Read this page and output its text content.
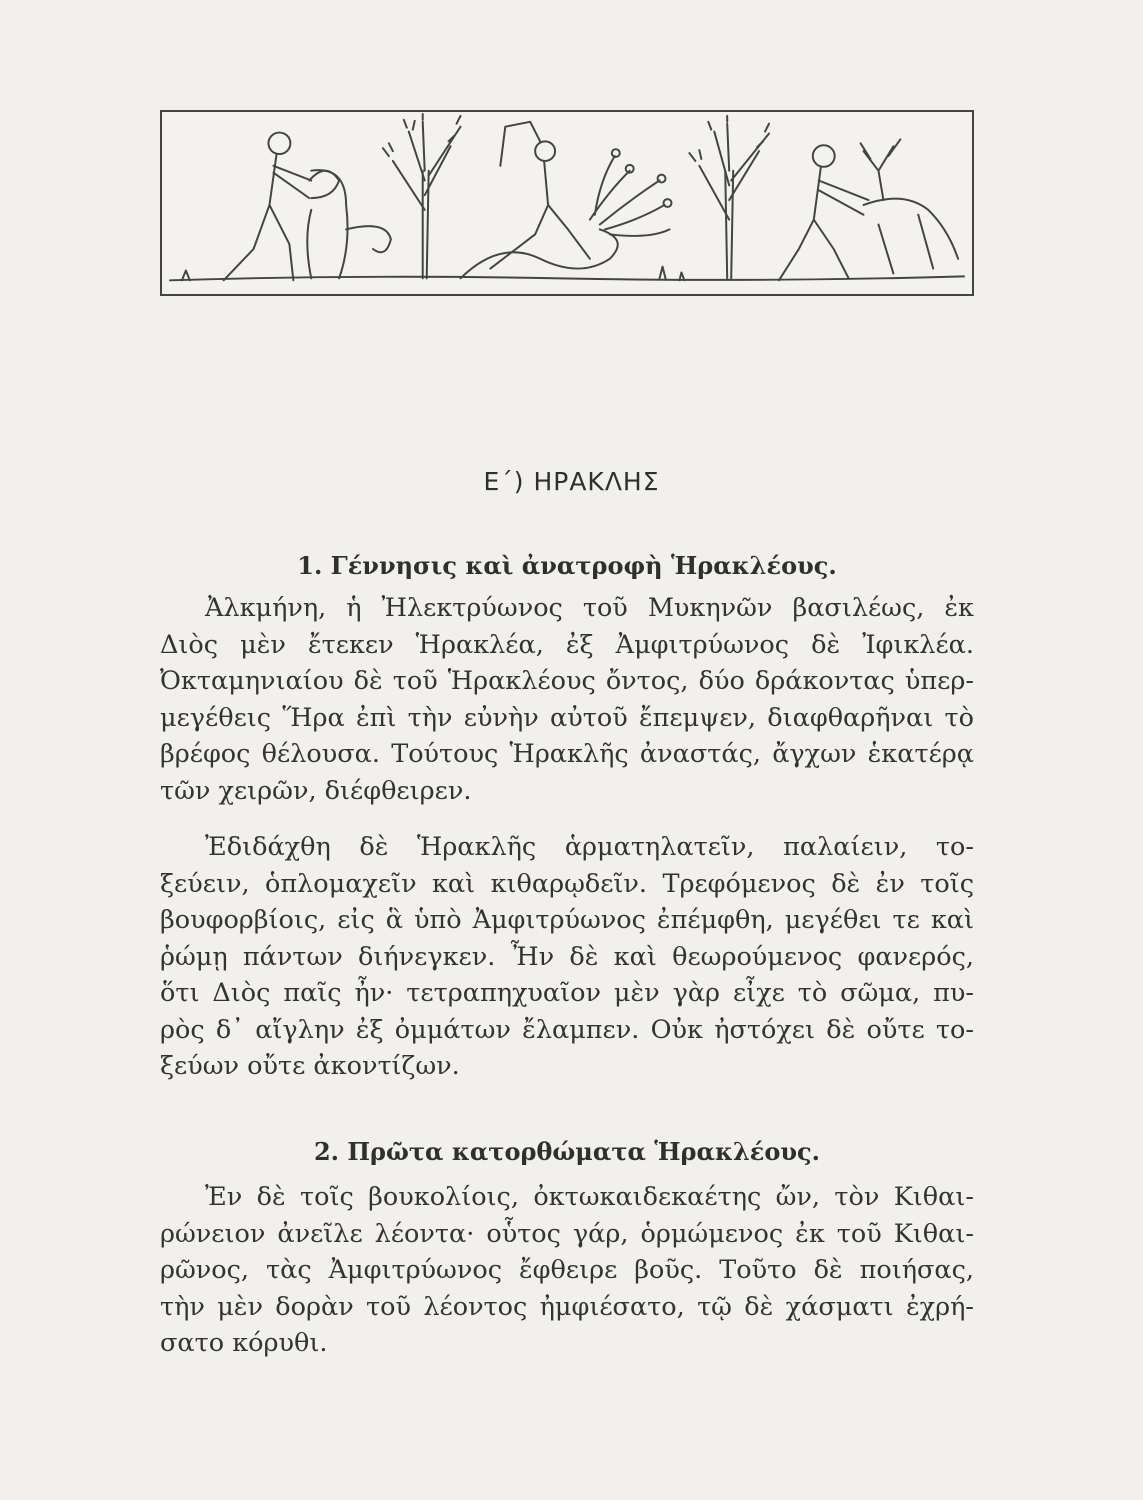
Ε΄) ΗΡΑΚΛΗΣ
1. Γέννησις καὶ ἀνατροφὴ Ἡρακλέους.
Ἀλκμήνη, ἡ Ἠλεκτρύωνος τοῦ Μυκηνῶν βασιλέως, ἐκ
Διὸς μὲν ἔτεκεν Ἡρακλέα, ἐξ Ἀμφιτρύωνος δὲ Ἰφικλέα.
Ὀκταμηνιαίου δὲ τοῦ Ἡρακλέους ὄντος, δύο δράκοντας ὑπερ-
μεγέθεις Ἥρα ἐπὶ τὴν εὐνὴν αὐτοῦ ἔπεμψεν, διαφθαρῆναι τὸ
βρέφος θέλουσα. Τούτους Ἡρακλῆς ἀναστάς, ἄγχων ἑκατέρᾳ
τῶν χειρῶν, διέφθειρεν.
Ἐδιδάχθη δὲ Ἡρακλῆς ἁρματηλατεῖν, παλαίειν, το-
ξεύειν, ὁπλομαχεῖν καὶ κιθαρῳδεῖν. Τρεφόμενος δὲ ἐν τοῖς
βουφορβίοις, εἰς ἃ ὑπὸ Ἀμφιτρύωνος ἐπέμφθη, μεγέθει τε καὶ
ῥώμῃ πάντων διήνεγκεν. Ἦν δὲ καὶ θεωρούμενος φανερός,
ὅτι Διὸς παῖς ἦν· τετραπηχυαῖον μὲν γὰρ εἶχε τὸ σῶμα, πυ-
ρὸς δ᾽ αἴγλην ἐξ ὀμμάτων ἔλαμπεν. Οὐκ ἠστόχει δὲ οὔτε το-
ξεύων οὔτε ἀκοντίζων.
2. Πρῶτα κατορθώματα Ἡρακλέους.
Ἐν δὲ τοῖς βουκολίοις, ὀκτωκαιδεκαέτης ὤν, τὸν Κιθαι-
ρώνειον ἀνεῖλε λέοντα· οὗτος γάρ, ὁρμώμενος ἐκ τοῦ Κιθαι-
ρῶνος, τὰς Ἀμφιτρύωνος ἔφθειρε βοῦς. Τοῦτο δὲ ποιήσας,
τὴν μὲν δορὰν τοῦ λέοντος ἠμφιέσατο, τῷ δὲ χάσματι ἐχρή-
σατο κόρυθι.
